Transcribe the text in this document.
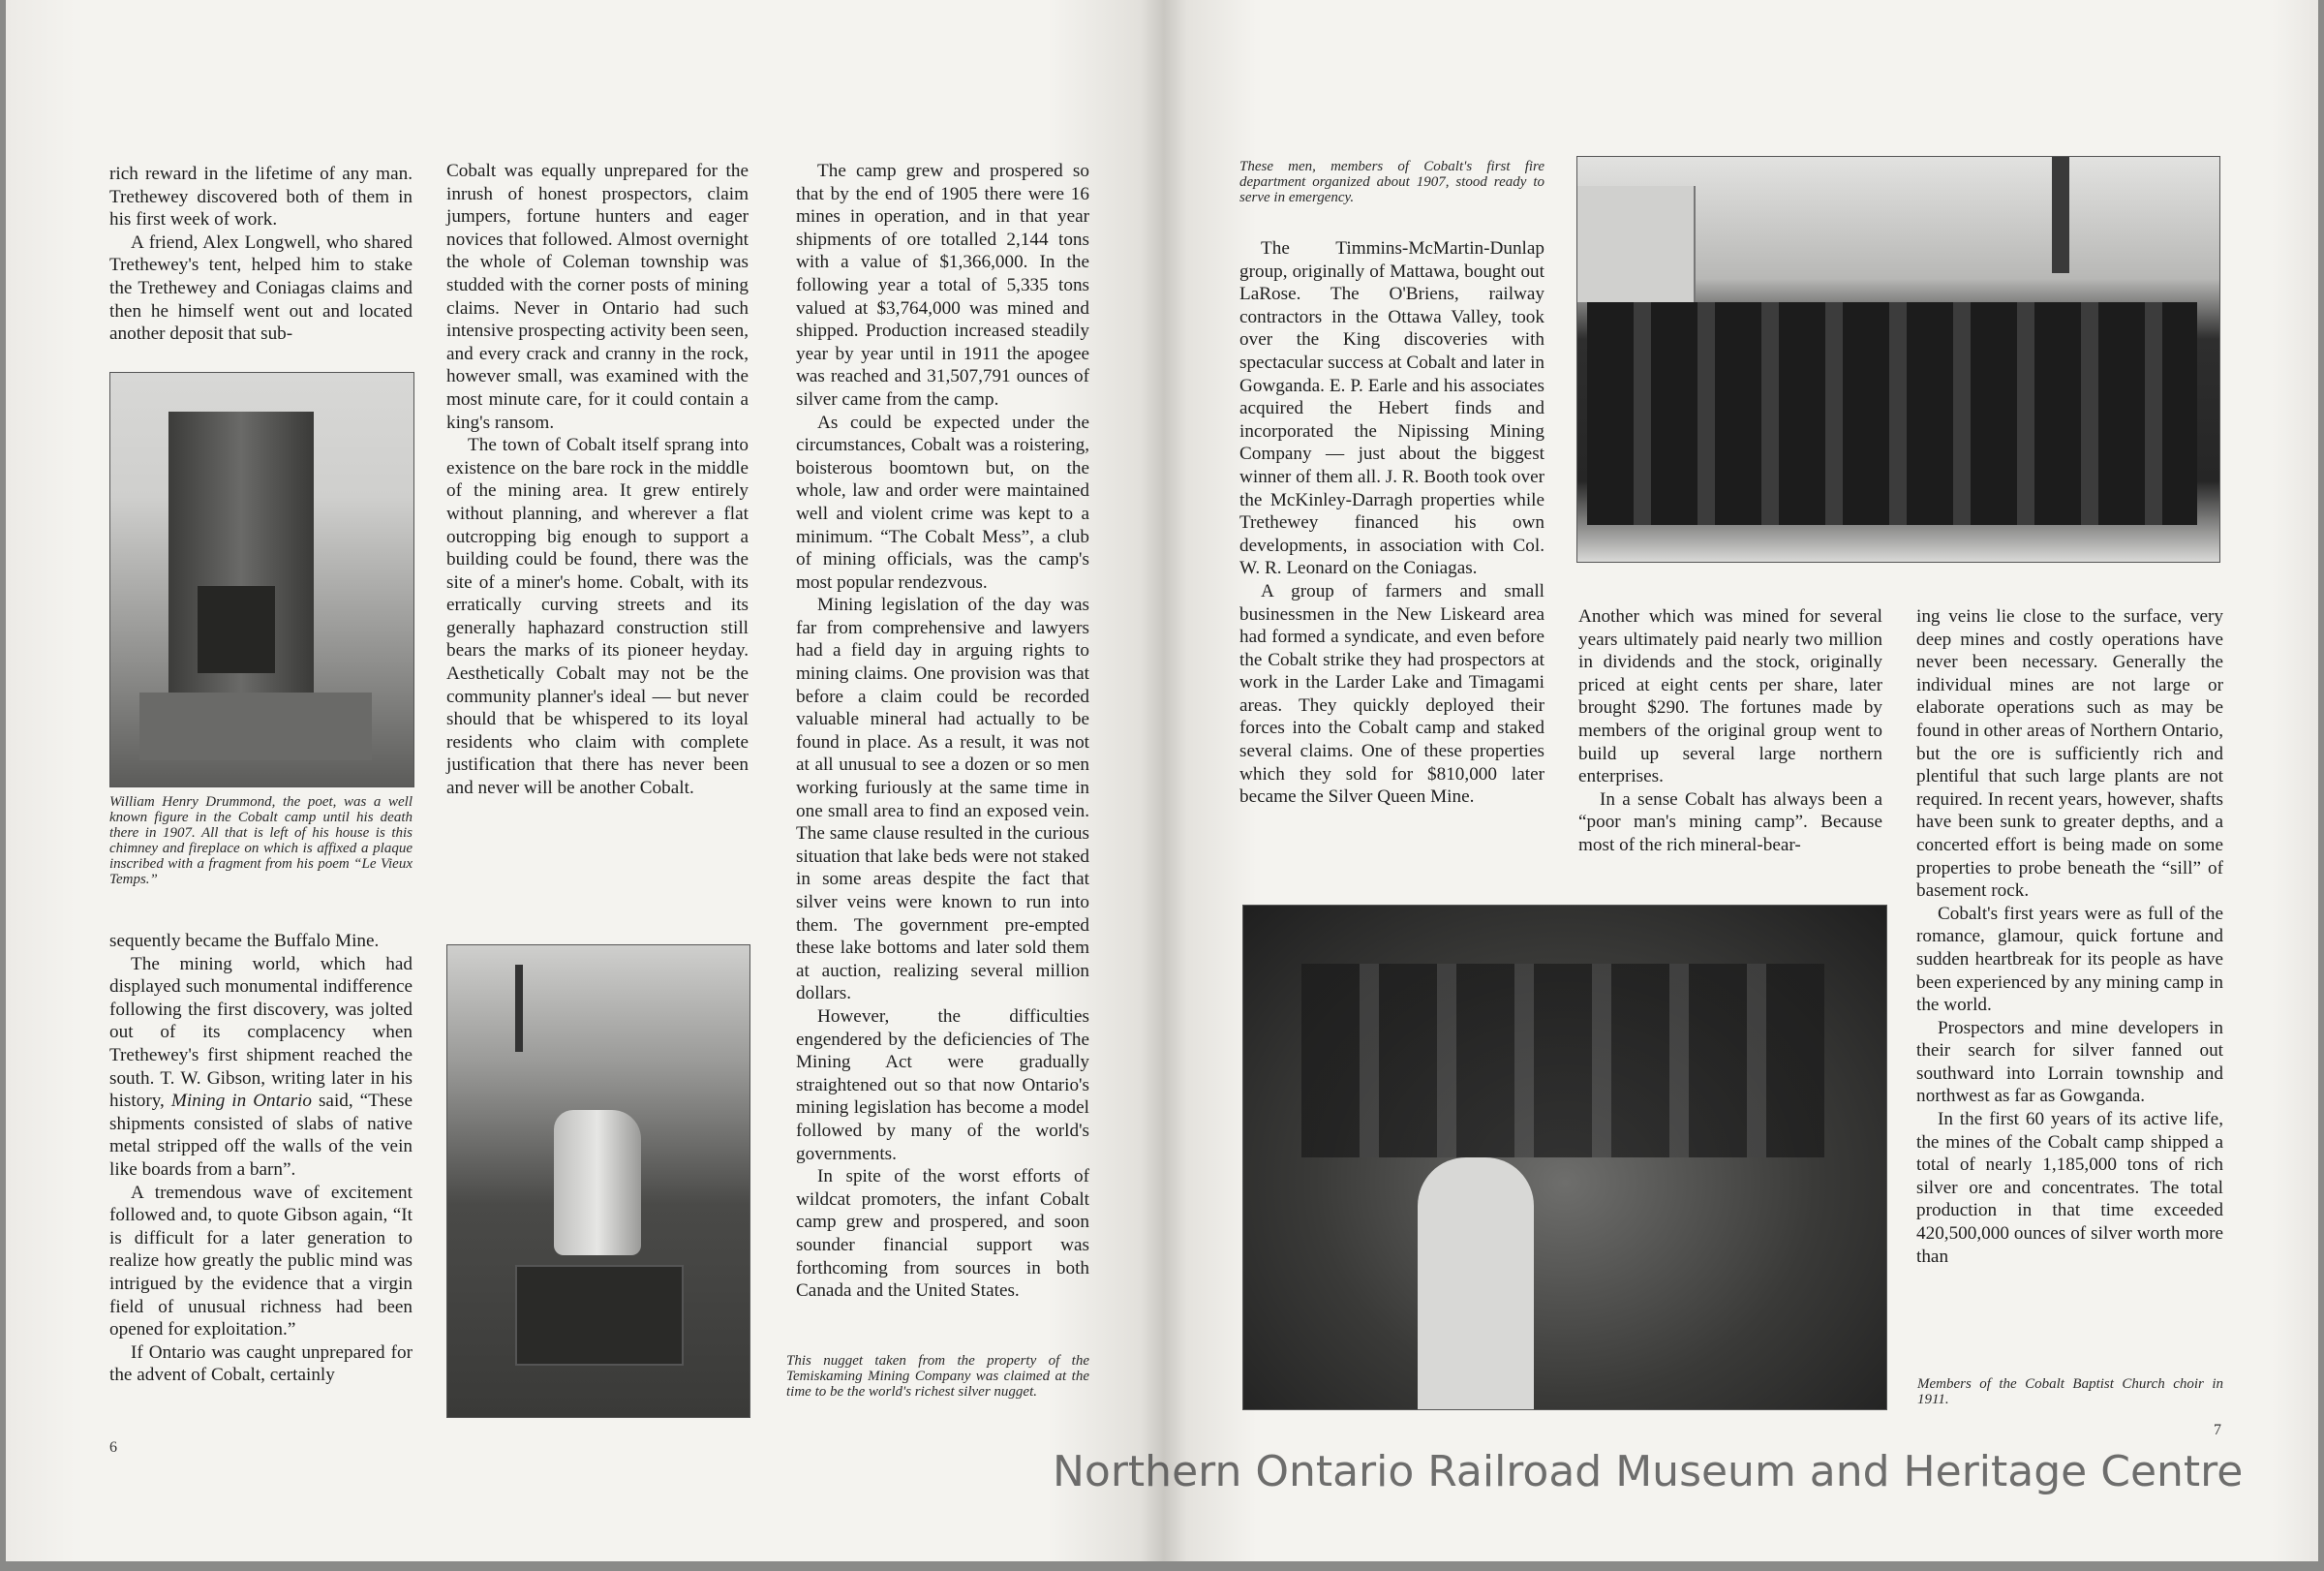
rich reward in the lifetime of any man. Trethewey discovered both of them in his first week of work.

A friend, Alex Longwell, who shared Trethewey's tent, helped him to stake the Trethewey and Coniagas claims and then he himself went out and located another deposit that sub-

William Henry Drummond, the poet, was a well known figure in the Cobalt camp until his death there in 1907. All that is left of his house is this chimney and fireplace on which is affixed a plaque inscribed with a fragment from his poem “Le Vieux Temps.”

sequently became the Buffalo Mine.

The mining world, which had displayed such monumental indifference following the first discovery, was jolted out of its complacency when Trethewey's first shipment reached the south. T. W. Gibson, writing later in his history, Mining in Ontario said, “These shipments consisted of slabs of native metal stripped off the walls of the vein like boards from a barn”.

A tremendous wave of excitement followed and, to quote Gibson again, “It is difficult for a later generation to realize how greatly the public mind was intrigued by the evidence that a virgin field of unusual richness had been opened for exploitation.”

If Ontario was caught unprepared for the advent of Cobalt, certainly

Cobalt was equally unprepared for the inrush of honest prospectors, claim jumpers, fortune hunters and eager novices that followed. Almost overnight the whole of Coleman township was studded with the corner posts of mining claims. Never in Ontario had such intensive prospecting activity been seen, and every crack and cranny in the rock, however small, was examined with the most minute care, for it could contain a king's ransom.

The town of Cobalt itself sprang into existence on the bare rock in the middle of the mining area. It grew entirely without planning, and wherever a flat outcropping big enough to support a building could be found, there was the site of a miner's home. Cobalt, with its erratically curving streets and its generally haphazard construction still bears the marks of its pioneer heyday. Aesthetically Cobalt may not be the community planner's ideal — but never should that be whispered to its loyal residents who claim with complete justification that there has never been and never will be another Cobalt.

The camp grew and prospered so that by the end of 1905 there were 16 mines in operation, and in that year shipments of ore totalled 2,144 tons with a value of $1,366,000. In the following year a total of 5,335 tons valued at $3,764,000 was mined and shipped. Production increased steadily year by year until in 1911 the apogee was reached and 31,507,791 ounces of silver came from the camp.

As could be expected under the circumstances, Cobalt was a roistering, boisterous boomtown but, on the whole, law and order were maintained well and violent crime was kept to a minimum. “The Cobalt Mess”, a club of mining officials, was the camp's most popular rendezvous.

Mining legislation of the day was far from comprehensive and lawyers had a field day in arguing rights to mining claims. One provision was that before a claim could be recorded valuable mineral had actually to be found in place. As a result, it was not at all unusual to see a dozen or so men working furiously at the same time in one small area to find an exposed vein. The same clause resulted in the curious situation that lake beds were not staked in some areas despite the fact that silver veins were known to run into them. The government pre-empted these lake bottoms and later sold them at auction, realizing several million dollars.

However, the difficulties engendered by the deficiencies of The Mining Act were gradually straightened out so that now Ontario's mining legislation has become a model followed by many of the world's governments.

In spite of the worst efforts of wildcat promoters, the infant Cobalt camp grew and prospered, and soon sounder financial support was forthcoming from sources in both Canada and the United States.

This nugget taken from the property of the Temiskaming Mining Company was claimed at the time to be the world's richest silver nugget.
6
These men, members of Cobalt's first fire department organized about 1907, stood ready to serve in emergency.

The Timmins-McMartin-Dunlap group, originally of Mattawa, bought out LaRose. The O'Briens, railway contractors in the Ottawa Valley, took over the King discoveries with spectacular success at Cobalt and later in Gowganda. E. P. Earle and his associates acquired the Hebert finds and incorporated the Nipissing Mining Company — just about the biggest winner of them all. J. R. Booth took over the McKinley-Darragh properties while Trethewey financed his own developments, in association with Col. W. R. Leonard on the Coniagas.

A group of farmers and small businessmen in the New Liskeard area had formed a syndicate, and even before the Cobalt strike they had prospectors at work in the Larder Lake and Timagami areas. They quickly deployed their forces into the Cobalt camp and staked several claims. One of these properties which they sold for $810,000 later became the Silver Queen Mine.

Another which was mined for several years ultimately paid nearly two million in dividends and the stock, originally priced at eight cents per share, later brought $290. The fortunes made by members of the original group went to build up several large northern enterprises.

In a sense Cobalt has always been a “poor man's mining camp”. Because most of the rich mineral-bear-

ing veins lie close to the surface, very deep mines and costly operations have never been necessary. Generally the individual mines are not large or elaborate operations such as may be found in other areas of Northern Ontario, but the ore is sufficiently rich and plentiful that such large plants are not required. In recent years, however, shafts have been sunk to greater depths, and a concerted effort is being made on some properties to probe beneath the “sill” of basement rock.

Cobalt's first years were as full of the romance, glamour, quick fortune and sudden heartbreak for its people as have been experienced by any mining camp in the world.

Prospectors and mine developers in their search for silver fanned out southward into Lorrain township and northwest as far as Gowganda.

In the first 60 years of its active life, the mines of the Cobalt camp shipped a total of nearly 1,185,000 tons of rich silver ore and concentrates. The total production in that time exceeded 420,500,000 ounces of silver worth more than

Members of the Cobalt Baptist Church choir in 1911.
7
Northern Ontario Railroad Museum and Heritage Centre
